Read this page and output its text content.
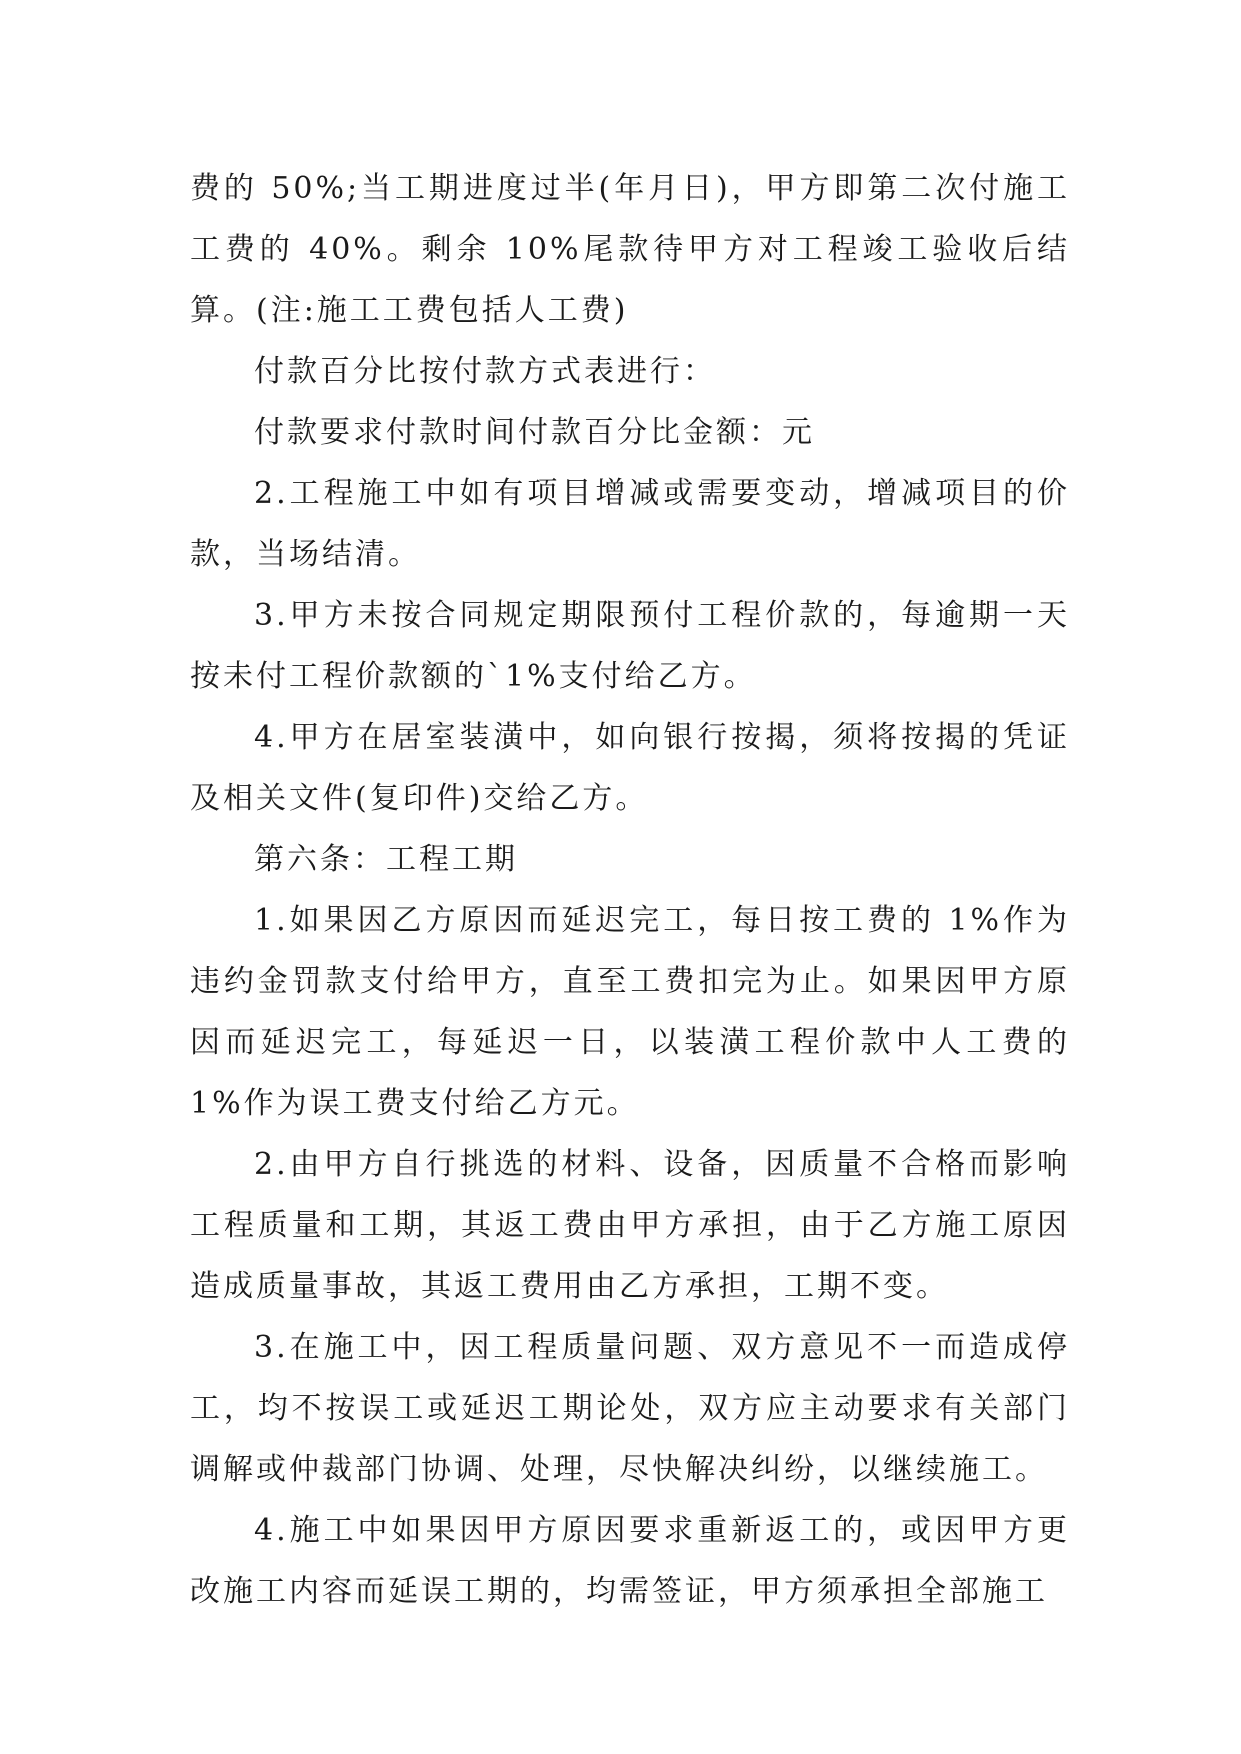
费的 50%;当工期进度过半(年月日)，甲方即第二次付施工工费的 40%。剩余 10%尾款待甲方对工程竣工验收后结算。(注:施工工费包括人工费)

付款百分比按付款方式表进行：

付款要求付款时间付款百分比金额：元

2.工程施工中如有项目增减或需要变动，增减项目的价款，当场结清。

3.甲方未按合同规定期限预付工程价款的，每逾期一天按未付工程价款额的`1%支付给乙方。

4.甲方在居室装潢中，如向银行按揭，须将按揭的凭证及相关文件(复印件)交给乙方。

第六条：工程工期

1.如果因乙方原因而延迟完工，每日按工费的 1%作为违约金罚款支付给甲方，直至工费扣完为止。如果因甲方原因而延迟完工，每延迟一日，以装潢工程价款中人工费的 1%作为误工费支付给乙方元。

2.由甲方自行挑选的材料、设备，因质量不合格而影响工程质量和工期，其返工费由甲方承担，由于乙方施工原因造成质量事故，其返工费用由乙方承担，工期不变。

3.在施工中，因工程质量问题、双方意见不一而造成停工，均不按误工或延迟工期论处，双方应主动要求有关部门调解或仲裁部门协调、处理，尽快解决纠纷，以继续施工。

4.施工中如果因甲方原因要求重新返工的，或因甲方更改施工内容而延误工期的，均需签证，甲方须承担全部施工
